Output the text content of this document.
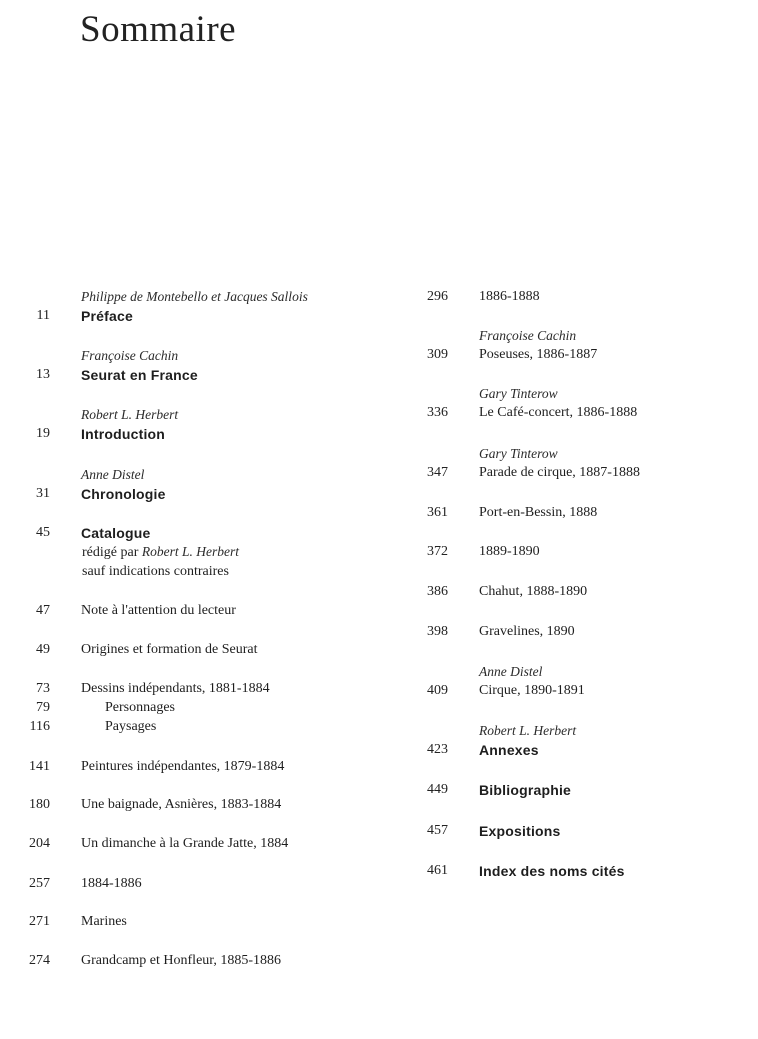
Sommaire
Philippe de Montebello et Jacques Sallois
11 Préface
Françoise Cachin
13 Seurat en France
Robert L. Herbert
19 Introduction
Anne Distel
31 Chronologie
45 Catalogue
rédigé par Robert L. Herbert
sauf indications contraires
47 Note à l'attention du lecteur
49 Origines et formation de Seurat
73 Dessins indépendants, 1881-1884
79	Personnages
116	Paysages
141 Peintures indépendantes, 1879-1884
180 Une baignade, Asnières, 1883-1884
204 Un dimanche à la Grande Jatte, 1884
257 1884-1886
271 Marines
274 Grandcamp et Honfleur, 1885-1886
296 1886-1888
Françoise Cachin
309 Poseuses, 1886-1887
Gary Tinterow
336 Le Café-concert, 1886-1888
Gary Tinterow
347 Parade de cirque, 1887-1888
361 Port-en-Bessin, 1888
372 1889-1890
386 Chahut, 1888-1890
398 Gravelines, 1890
Anne Distel
409 Cirque, 1890-1891
Robert L. Herbert
423 Annexes
449 Bibliographie
457 Expositions
461 Index des noms cités
